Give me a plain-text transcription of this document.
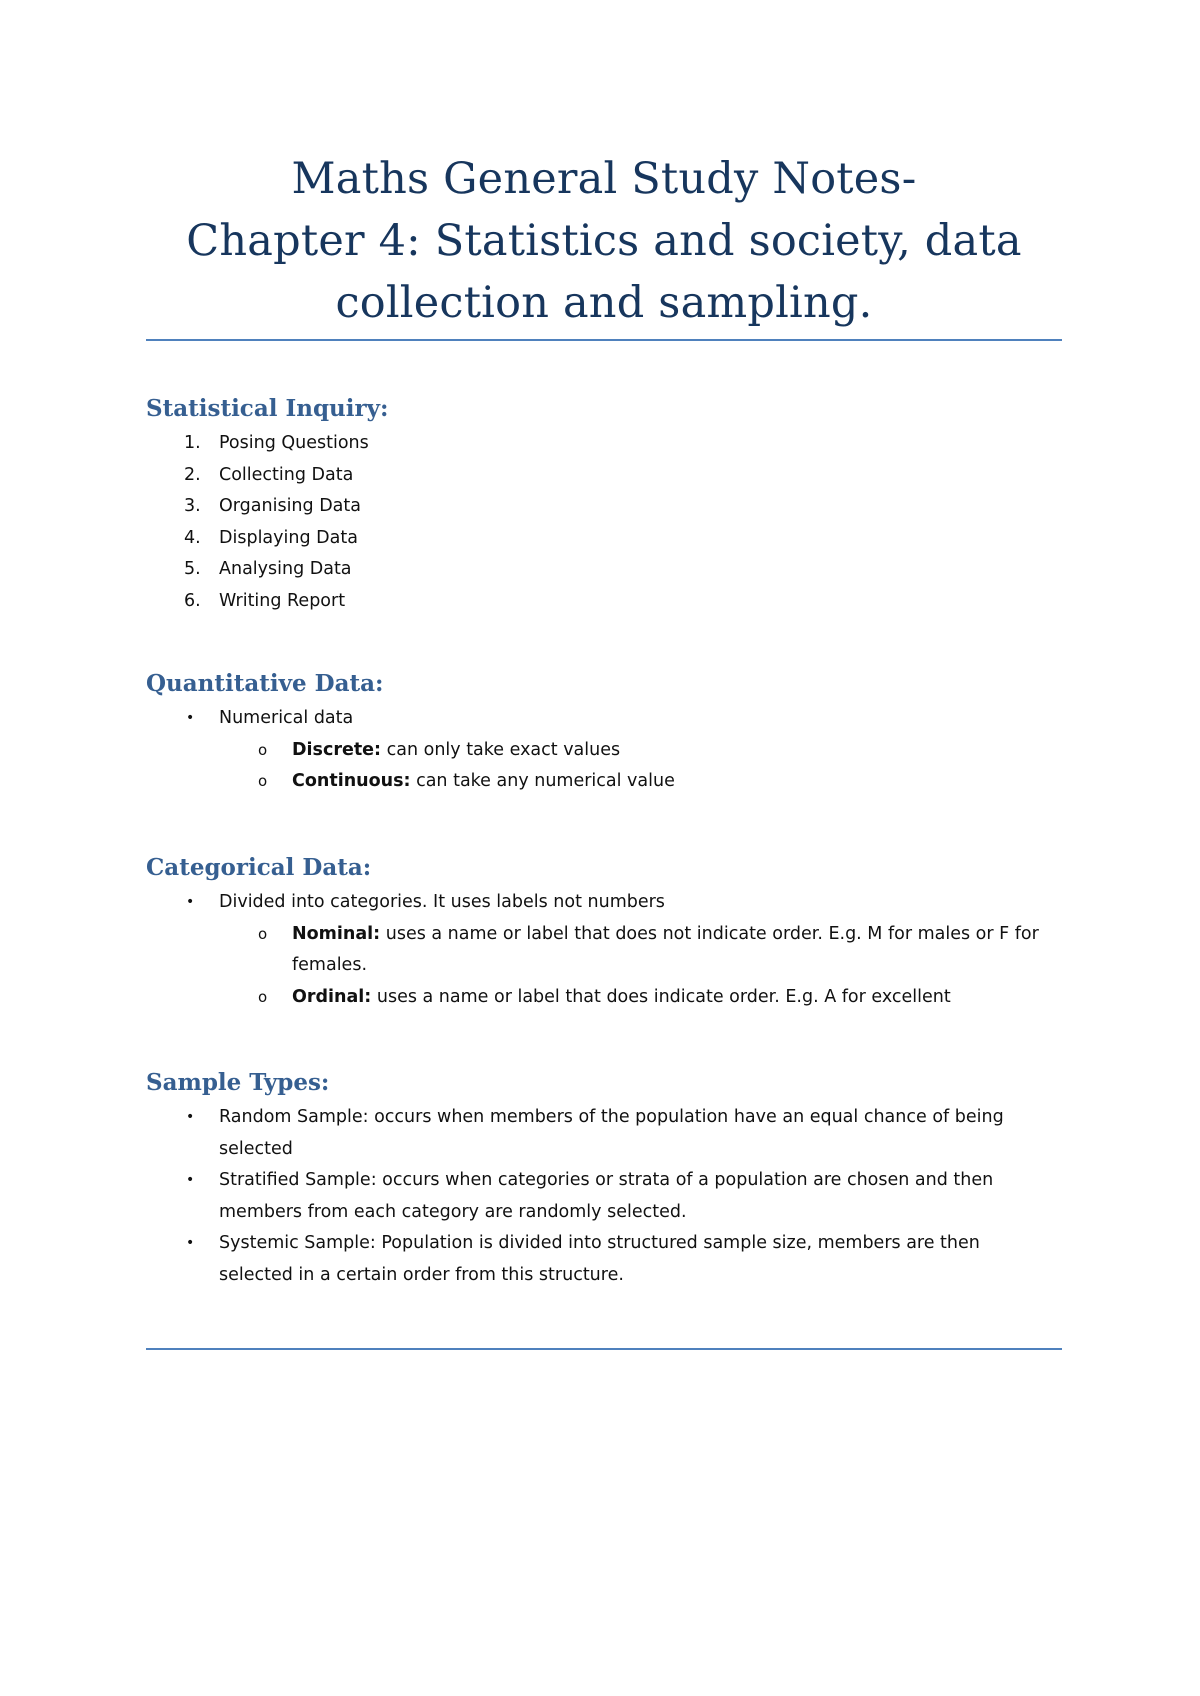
Maths General Study Notes-
Chapter 4: Statistics and society, data
collection and sampling.
Statistical Inquiry:
1.	Posing Questions
2.	Collecting Data
3.	Organising Data
4.	Displaying Data
5.	Analysing Data
6.	Writing Report
Quantitative Data:
•	Numerical data
o	Discrete: can only take exact values
o	Continuous: can take any numerical value
Categorical Data:
•	Divided into categories. It uses labels not numbers
o	Nominal: uses a name or label that does not indicate order. E.g. M for males or F for
females.
o	Ordinal: uses a name or label that does indicate order. E.g. A for excellent
Sample Types:
•	Random Sample: occurs when members of the population have an equal chance of being
selected
•	Stratified Sample: occurs when categories or strata of a population are chosen and then
members from each category are randomly selected.
•	Systemic Sample: Population is divided into structured sample size, members are then
selected in a certain order from this structure.
